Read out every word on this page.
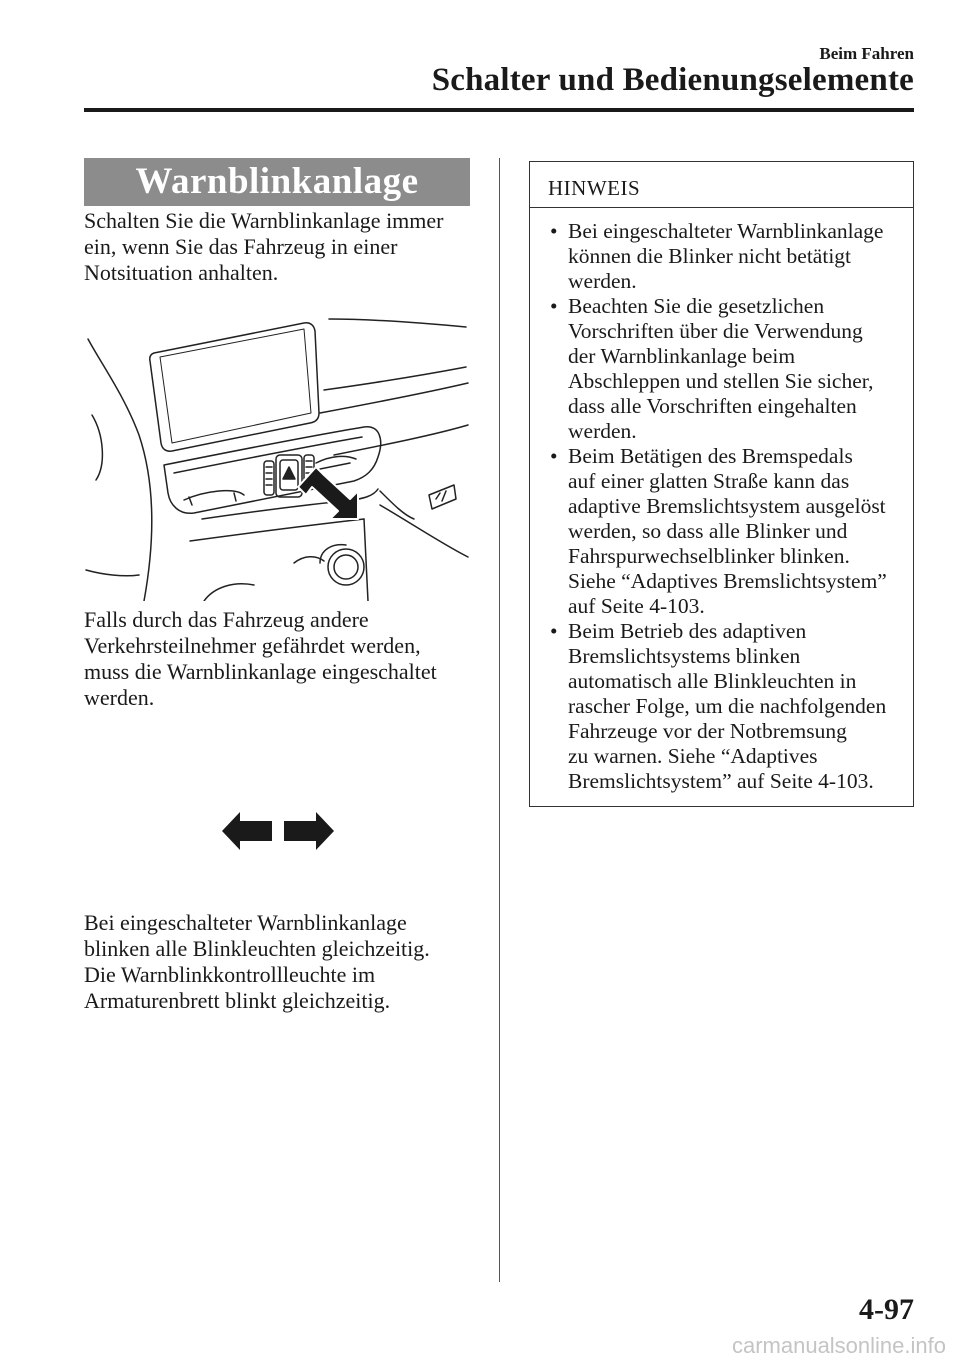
Beim Fahren
Schalter und Bedienungselemente
Warnblinkanlage

Schalten Sie die Warnblinkanlage immer
ein, wenn Sie das Fahrzeug in einer
Notsituation anhalten.

Falls durch das Fahrzeug andere
Verkehrsteilnehmer gefährdet werden,
muss die Warnblinkanlage eingeschaltet
werden.

Bei eingeschalteter Warnblinkanlage
blinken alle Blinkleuchten gleichzeitig.
Die Warnblinkkontrollleuchte im
Armaturenbrett blinkt gleichzeitig.

HINWEIS
• Bei eingeschalteter Warnblinkanlage
können die Blinker nicht betätigt
werden.
• Beachten Sie die gesetzlichen
Vorschriften über die Verwendung
der Warnblinkanlage beim
Abschleppen und stellen Sie sicher,
dass alle Vorschriften eingehalten
werden.
• Beim Betätigen des Bremspedals
auf einer glatten Straße kann das
adaptive Bremslichtsystem ausgelöst
werden, so dass alle Blinker und
Fahrspurwechselblinker blinken.
Siehe “Adaptives Bremslichtsystem”
auf Seite 4-103.
• Beim Betrieb des adaptiven
Bremslichtsystems blinken
automatisch alle Blinkleuchten in
rascher Folge, um die nachfolgenden
Fahrzeuge vor der Notbremsung
zu warnen. Siehe “Adaptives
Bremslichtsystem” auf Seite 4-103.
4-97
carmanualsonline.info
